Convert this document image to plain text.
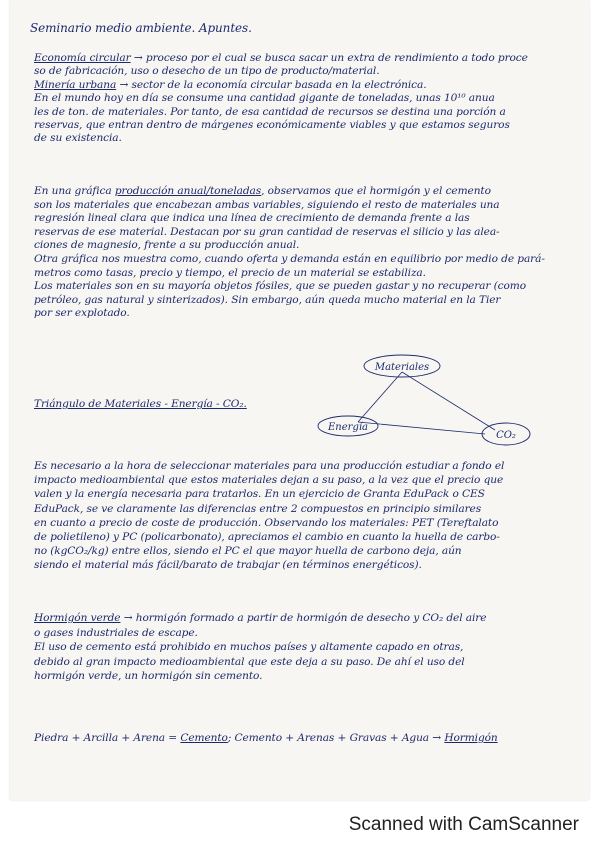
Seminario medio ambiente. Apuntes.
Economía circular → proceso por el cual se busca sacar un extra de rendimiento a todo proce
so de fabricación, uso o desecho de un tipo de producto/material.
Minería urbana → sector de la economía circular basada en la electrónica.
En el mundo hoy en día se consume una cantidad gigante de toneladas, unas 10¹⁰ anua
les de ton. de materiales. Por tanto, de esa cantidad de recursos se destina una porción a
reservas, que entran dentro de márgenes económicamente viables y que estamos seguros
de su existencia.
En una gráfica producción anual/toneladas, observamos que el hormigón y el cemento
son los materiales que encabezan ambas variables, siguiendo el resto de materiales una
regresión lineal clara que indica una línea de crecimiento de demanda frente a las
reservas de ese material. Destacan por su gran cantidad de reservas el silicio y las alea-
ciones de magnesio, frente a su producción anual.
Otra gráfica nos muestra como, cuando oferta y demanda están en equilibrio por medio de pará-
metros como tasas, precio y tiempo, el precio de un material se estabiliza.
Los materiales son en su mayoría objetos fósiles, que se pueden gastar y no recuperar (como
petróleo, gas natural y sinterizados). Sin embargo, aún queda mucho material en la Tier
por ser explotado.
Triángulo de Materiales - Energía - CO₂.
Materiales
Energía
CO₂
Es necesario a la hora de seleccionar materiales para una producción estudiar a fondo el
impacto medioambiental que estos materiales dejan a su paso, a la vez que el precio que
valen y la energía necesaria para tratarlos. En un ejercicio de Granta EduPack o CES
EduPack, se ve claramente las diferencias entre 2 compuestos en principio similares
en cuanto a precio de coste de producción. Observando los materiales: PET (Tereftalato
de polietileno) y PC (policarbonato), apreciamos el cambio en cuanto la huella de carbo-
no (kgCO₂/kg) entre ellos, siendo el PC el que mayor huella de carbono deja, aún
siendo el material más fácil/barato de trabajar (en términos energéticos).
Hormigón verde → hormigón formado a partir de hormigón de desecho y CO₂ del aire
o gases industriales de escape.
El uso de cemento está prohibido en muchos países y altamente capado en otras,
debido al gran impacto medioambiental que este deja a su paso. De ahí el uso del
hormigón verde, un hormigón sin cemento.
Piedra + Arcilla + Arena = Cemento; Cemento + Arenas + Gravas + Agua → Hormigón
Scanned with CamScanner
